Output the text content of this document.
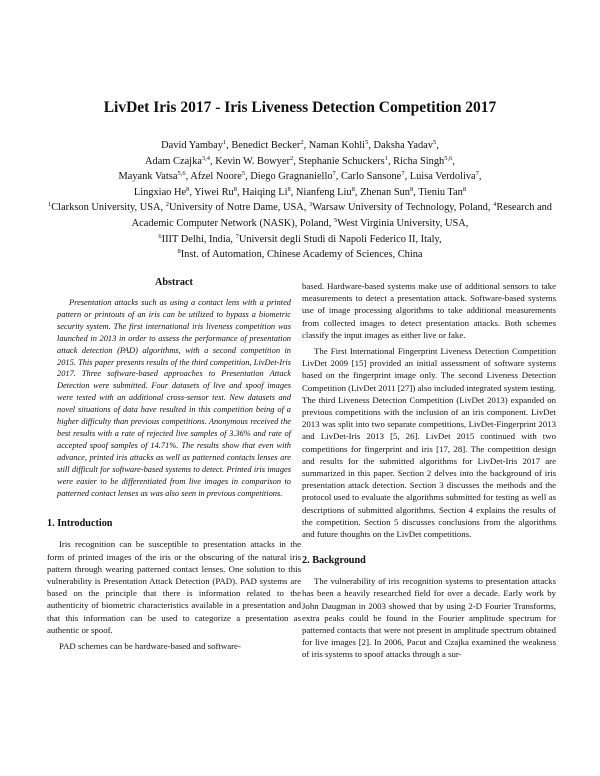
LivDet Iris 2017 - Iris Liveness Detection Competition 2017
David Yambay$^1$, Benedict Becker$^2$, Naman Kohli$^5$, Daksha Yadav$^5$,
Adam Czajka$^{3,4}$, Kevin W. Bowyer$^2$, Stephanie Schuckers$^1$, Richa Singh$^{5,6}$,
Mayank Vatsa$^{5,6}$, Afzel Noore$^5$, Diego Gragnaniello$^7$, Carlo Sansone$^7$, Luisa Verdoliva$^7$,
Lingxiao He$^8$, Yiwei Ru$^8$, Haiqing Li$^8$, Nianfeng Liu$^8$, Zhenan Sun$^8$, Tieniu Tan$^8$
$^1$Clarkson University, USA, $^2$University of Notre Dame, USA, $^3$Warsaw University of Technology, Poland, $^4$Research and Academic Computer Network (NASK), Poland, $^5$West Virginia University, USA,
$^6$IIIT Delhi, India, $^7$Universit degli Studi di Napoli Federico II, Italy,
$^8$Inst. of Automation, Chinese Academy of Sciences, China
Abstract
Presentation attacks such as using a contact lens with a printed pattern or printouts of an iris can be utilized to bypass a biometric security system. The first international iris liveness competition was launched in 2013 in order to assess the performance of presentation attack detection (PAD) algorithms, with a second competition in 2015. This paper presents results of the third competition, LivDet-Iris 2017. Three software-based approaches to Presentation Attack Detection were submitted. Four datasets of live and spoof images were tested with an additional cross-sensor test. New datasets and novel situations of data have resulted in this competition being of a higher difficulty than previous competitions. Anonymous received the best results with a rate of rejected live samples of 3.36% and rate of accepted spoof samples of 14.71%. The results show that even with advance, printed iris attacks as well as patterned contacts lenses are still difficult for software-based systems to detect. Printed iris images were easier to be differentiated from live images in comparison to patterned contact lenses as was also seen in previous competitions.
1. Introduction

Iris recognition can be susceptible to presentation attacks in the form of printed images of the iris or the obscuring of the natural iris pattern through wearing patterned contact lenses. One solution to this vulnerability is Presentation Attack Detection (PAD). PAD systems are based on the principle that there is information related to the authenticity of biometric characteristics available in a presentation and that this information can be used to categorize a presentation as authentic or spoof.

PAD schemes can be hardware-based and software-

based. Hardware-based systems make use of additional sensors to take measurements to detect a presentation attack. Software-based systems use of image processing algorithms to take additional measurements from collected images to detect presentation attacks. Both schemes classify the input images as either live or fake.

The First International Fingerprint Liveness Detection Competition LivDet 2009 [15] provided an initial assessment of software systems based on the fingerprint image only. The second Liveness Detection Competition (LivDet 2011 [27]) also included integrated system testing. The third Liveness Detection Competition (LivDet 2013) expanded on previous competitions with the inclusion of an iris component. LivDet 2013 was split into two separate competitions, LivDet-Fingerprint 2013 and LivDet-Iris 2013 [5, 26]. LivDet 2015 continued with two competitions for fingerprint and iris [17, 28]. The competition design and results for the submitted algorithms for LivDet-Iris 2017 are summarized in this paper. Section 2 delves into the background of iris presentation attack detection. Section 3 discusses the methods and the protocol used to evaluate the algorithms submitted for testing as well as descriptions of submitted algorithms. Section 4 explains the results of the competition. Section 5 discusses conclusions from the algorithms and future thoughts on the LivDet competitions.

2. Background

The vulnerability of iris recognition systems to presentation attacks has been a heavily researched field for over a decade. Early work by John Daugman in 2003 showed that by using 2-D Fourier Transforms, extra peaks could be found in the Fourier amplitude spectrum for patterned contacts that were not present in amplitude spectrum obtained for live images [2]. In 2006, Pacut and Czajka examined the weakness of iris systems to spoof attacks through a sur-
